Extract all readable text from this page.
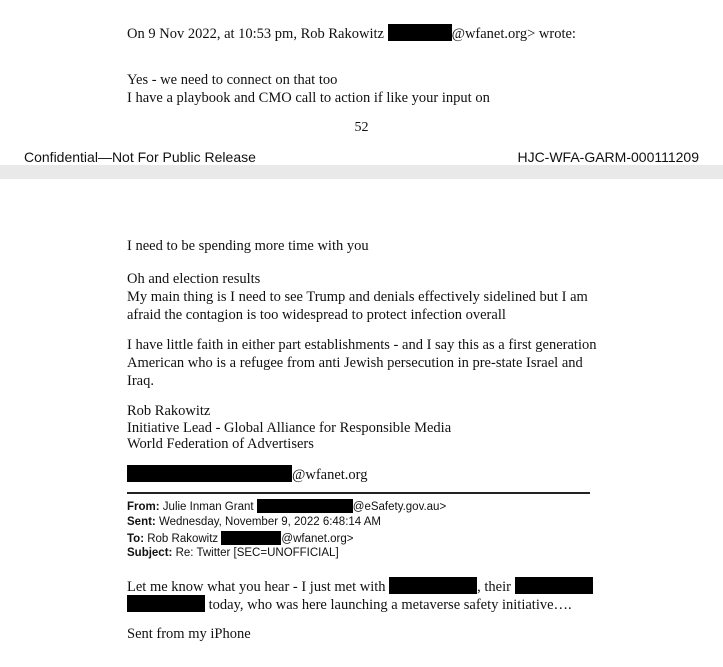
On 9 Nov 2022, at 10:53 pm, Rob Rakowitz	@wfanet.org> wrote:
Yes - we need to connect on that too
I have a playbook and CMO call to action if like your input on
52
Confidential—Not For Public Release	HJC-WFA-GARM-000111209
I need to be spending more time with you
Oh and election results
My main thing is I need to see Trump and denials effectively sidelined but I am
afraid the contagion is too widespread to protect infection overall
I have little faith in either part establishments - and I say this as a first generation
American who is a refugee from anti Jewish persecution in pre-state Israel and
Iraq.
Rob Rakowitz
Initiative Lead - Global Alliance for Responsible Media
World Federation of Advertisers
@wfanet.org
From: Julie Inman Grant	@eSafety.gov.au>
Sent: Wednesday, November 9, 2022 6:48:14 AM
To: Rob Rakowitz	@wfanet.org>
Subject: Re: Twitter [SEC=UNOFFICIAL]
Let me know what you hear - I just met with	, their
today, who was here launching a metaverse safety initiative….
Sent from my iPhone
